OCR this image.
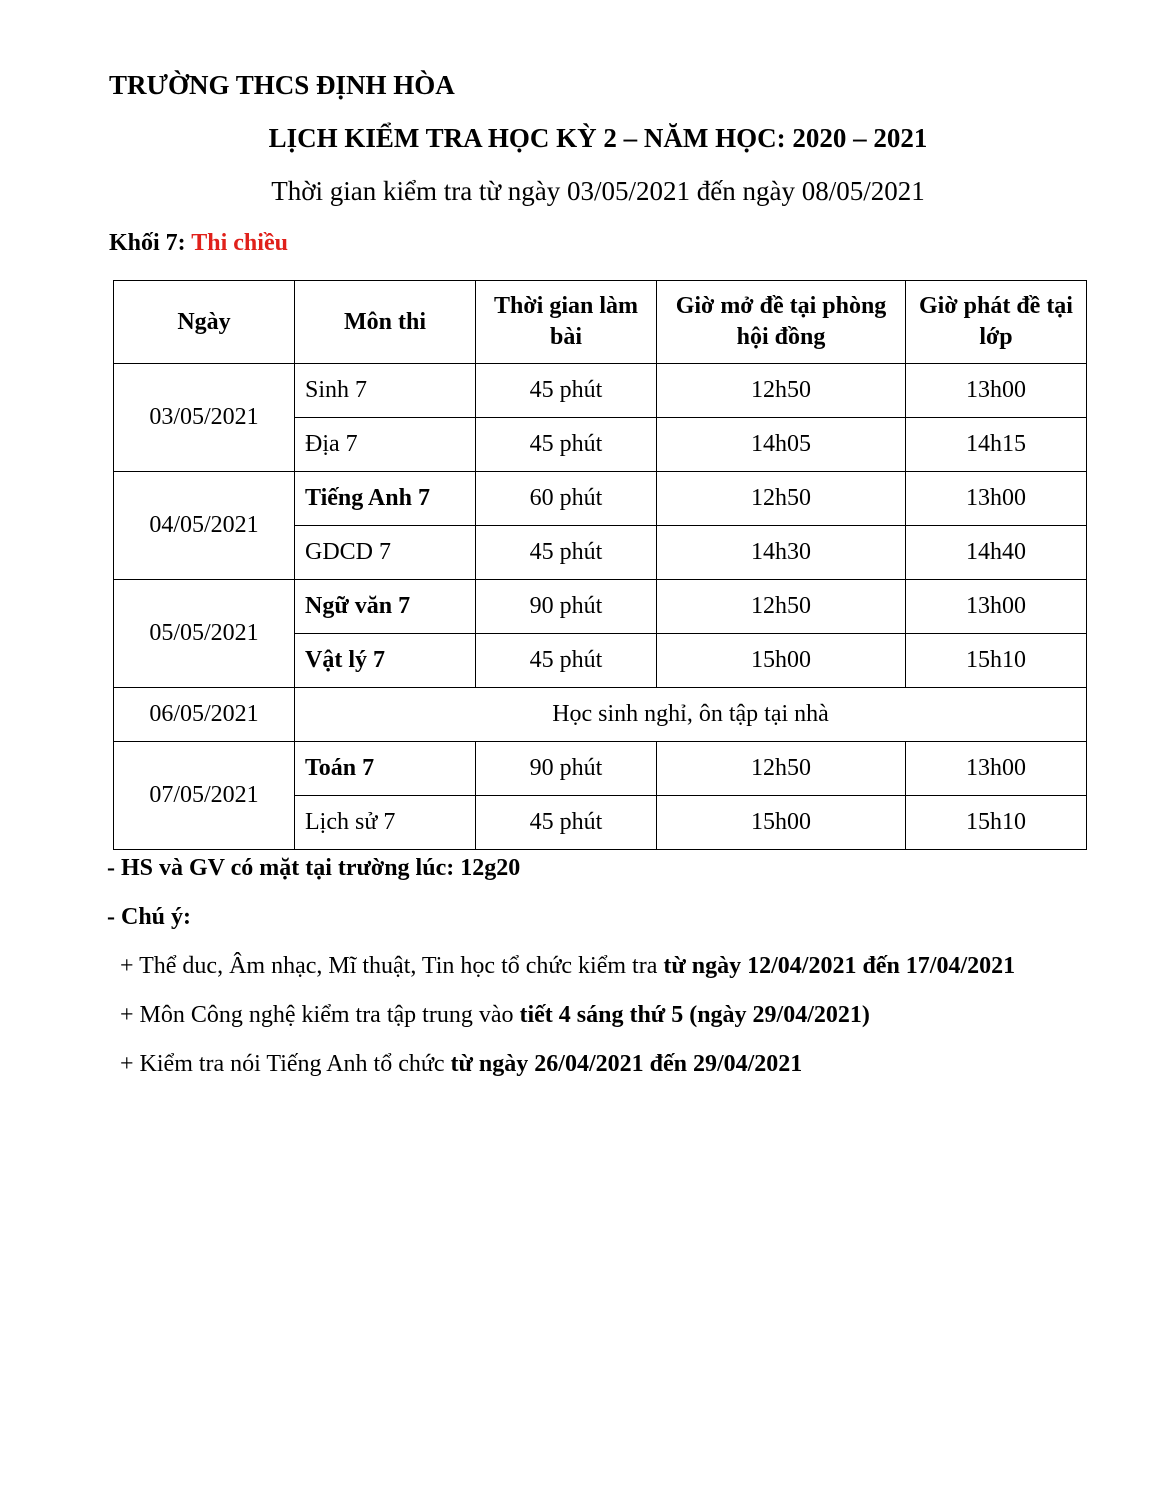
TRƯỜNG THCS ĐỊNH HÒA
LỊCH KIỂM TRA HỌC KỲ 2 – NĂM HỌC: 2020 – 2021
Thời gian kiểm tra từ ngày 03/05/2021 đến ngày 08/05/2021
Khối 7: Thi chiều
Ngày	Môn thi	Thời gian làm bài	Giờ mở đề tại phòng hội đồng	Giờ phát đề tại lớp
03/05/2021	Sinh 7	45 phút	12h50	13h00
	Địa 7	45 phút	14h05	14h15
04/05/2021	Tiếng Anh 7	60 phút	12h50	13h00
	GDCD 7	45 phút	14h30	14h40
05/05/2021	Ngữ văn 7	90 phút	12h50	13h00
	Vật lý 7	45 phút	15h00	15h10
06/05/2021	Học sinh nghỉ, ôn tập tại nhà			
07/05/2021	Toán 7	90 phút	12h50	13h00
	Lịch sử 7	45 phút	15h00	15h10
- HS và GV có mặt tại trường lúc: 12g20
- Chú ý:
+ Thể duc, Âm nhạc, Mĩ thuật, Tin học tổ chức kiểm tra từ ngày 12/04/2021 đến 17/04/2021
+ Môn Công nghệ kiểm tra tập trung vào tiết 4 sáng thứ 5 (ngày 29/04/2021)
+ Kiểm tra nói Tiếng Anh tổ chức từ ngày 26/04/2021 đến 29/04/2021
